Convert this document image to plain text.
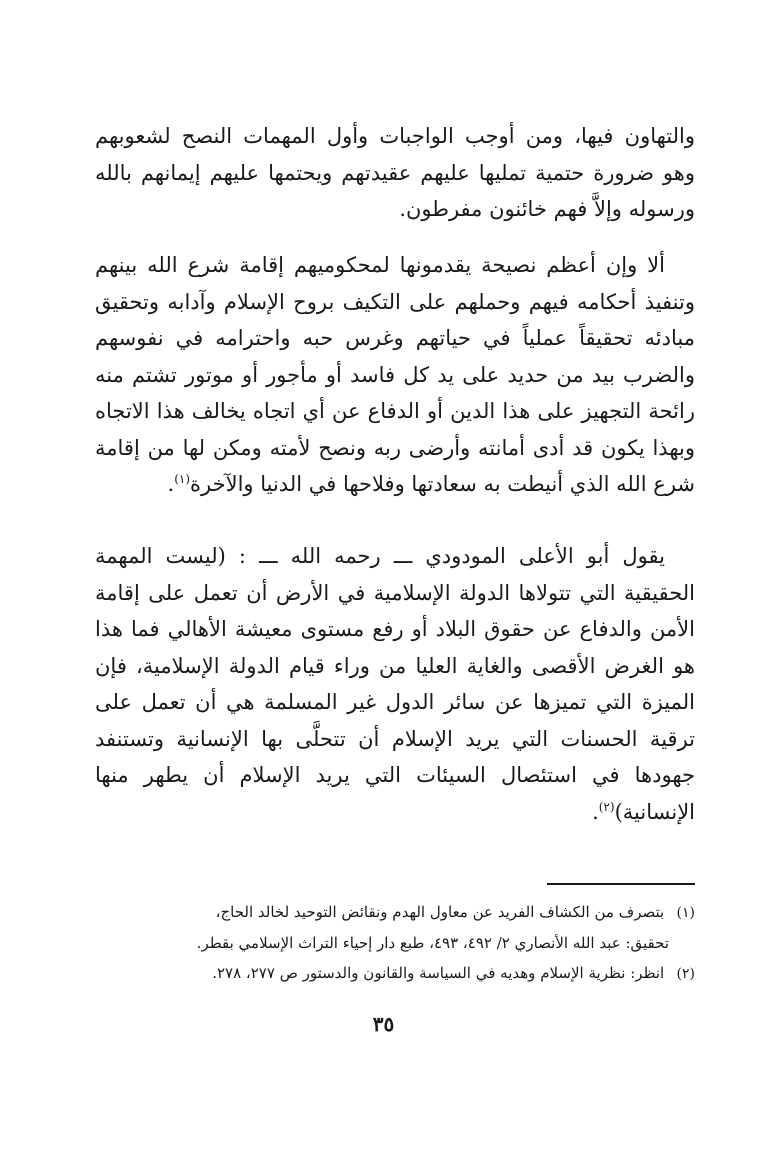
والتهاون فيها، ومن أوجب الواجبات وأول المهمات النصح لشعوبهم وهو ضرورة حتمية تمليها عليهم عقيدتهم ويحتمها عليهم إيمانهم بالله ورسوله وإلاَّ فهم خائنون مفرطون.

ألا وإن أعظم نصيحة يقدمونها لمحكوميهم إقامة شرع الله بينهم وتنفيذ أحكامه فيهم وحملهم على التكيف بروح الإسلام وآدابه وتحقيق مبادئه تحقيقاً عملياً في حياتهم وغرس حبه واحترامه في نفوسهم والضرب بيد من حديد على يد كل فاسد أو مأجور أو موتور تشتم منه رائحة التجهيز على هذا الدين أو الدفاع عن أي اتجاه يخالف هذا الاتجاه وبهذا يكون قد أدى أمانته وأرضى ربه ونصح لأمته ومكن لها من إقامة شرع الله الذي أنيطت به سعادتها وفلاحها في الدنيا والآخرة$^{(١)}$.

يقول أبو الأعلى المودودي ـــ رحمه الله ـــ : (ليست المهمة الحقيقية التي تتولاها الدولة الإسلامية في الأرض أن تعمل على إقامة الأمن والدفاع عن حقوق البلاد أو رفع مستوى معيشة الأهالي فما هذا هو الغرض الأقصى والغاية العليا من وراء قيام الدولة الإسلامية، فإن الميزة التي تميزها عن سائر الدول غير المسلمة هي أن تعمل على ترقية الحسنات التي يريد الإسلام أن تتحلَّى بها الإنسانية وتستنفد جهودها في استئصال السيئات التي يريد الإسلام أن يطهر منها الإنسانية)$^{(٢)}$.

(١) بتصرف من الكشاف الفريد عن معاول الهدم ونقائض التوحيد لخالد الحاج،

تحقيق: عبد الله الأنصاري ٢/ ٤٩٢، ٤٩٣، طبع دار إحياء التراث الإسلامي بقطر.

(٢) انظر: نظرية الإسلام وهديه في السياسة والقانون والدستور ص ٢٧٧، ٢٧٨.

٣٥
